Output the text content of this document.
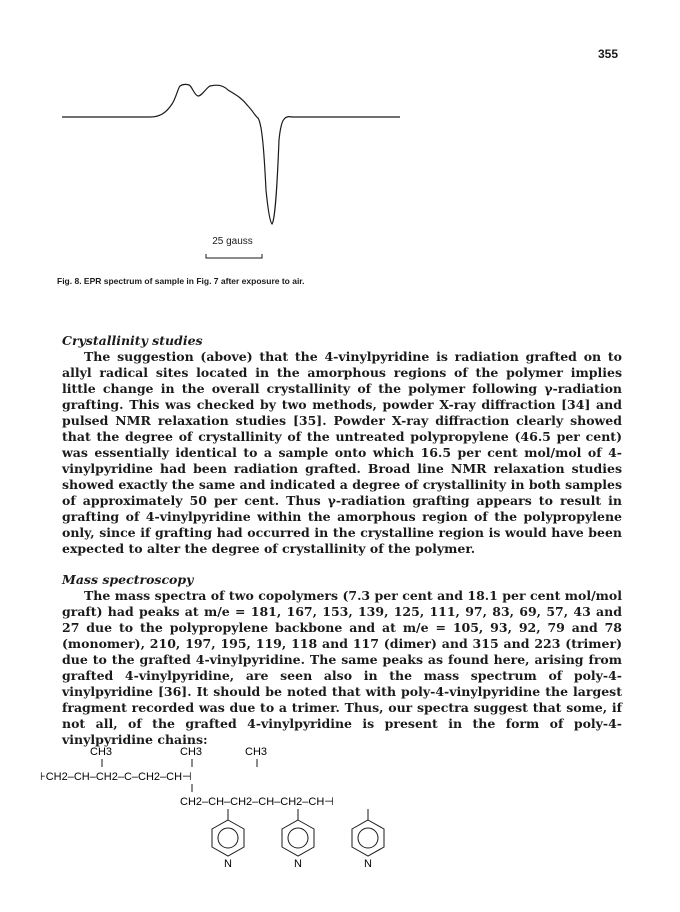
355
25 gauss
Fig. 8. EPR spectrum of sample in Fig. 7 after exposure to air.
Crystallinity studies

The suggestion (above) that the 4-vinylpyridine is radiation grafted on to allyl radical sites located in the amorphous regions of the polymer implies little change in the overall crystallinity of the polymer following γ-radiation grafting. This was checked by two methods, powder X-ray diffraction [34] and pulsed NMR relaxation studies [35]. Powder X-ray diffraction clearly showed that the degree of crystallinity of the untreated polypropylene (46.5 per cent) was essentially identical to a sample onto which 16.5 per cent mol/mol of 4-vinylpyridine had been radiation grafted. Broad line NMR relaxation studies showed exactly the same and indicated a degree of crystallinity in both samples of approximately 50 per cent. Thus γ-radiation grafting appears to result in grafting of 4-vinylpyridine within the amorphous region of the polypropylene only, since if grafting had occurred in the crystalline region is would have been expected to alter the degree of crystallinity of the polymer.

Mass spectroscopy

The mass spectra of two copolymers (7.3 per cent and 18.1 per cent mol/mol graft) had peaks at m/e = 181, 167, 153, 139, 125, 111, 97, 83, 69, 57, 43 and 27 due to the polypropylene backbone and at m/e = 105, 93, 92, 79 and 78 (monomer), 210, 197, 195, 119, 118 and 117 (dimer) and 315 and 223 (trimer) due to the grafted 4-vinylpyridine. The same peaks as found here, arising from grafted 4-vinylpyridine, are seen also in the mass spectrum of poly-4-vinylpyridine [36]. It should be noted that with poly-4-vinylpyridine the largest fragment recorded was due to a trimer. Thus, our spectra suggest that some, if not all, of the grafted 4-vinylpyridine is present in the form of poly-4-vinylpyridine chains:

CH3	CH3	CH3
⊦CH2–CH–CH2–C–CH2–CH⊣
CH2–CH–CH2–CH–CH2–CH⊣
N	N	N
